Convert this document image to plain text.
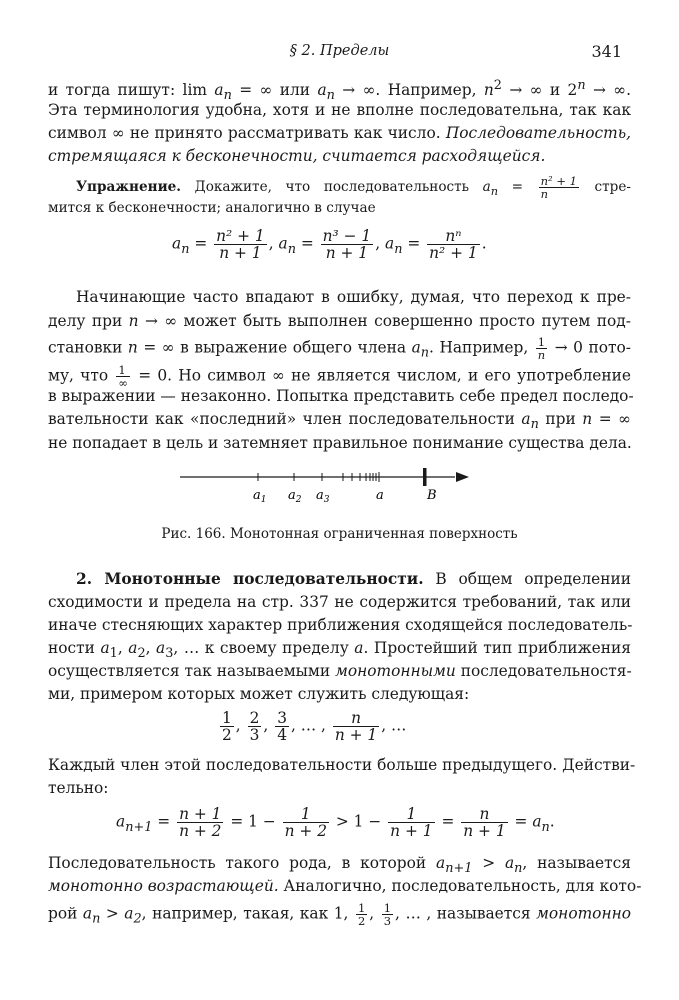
§ 2. Пределы	341
и тогда пишут: $\lim a_n$ = ∞ или $a_n$ → ∞. Например, $n^2$ → ∞ и $2^n$ → ∞.
Эта терминология удобна, хотя и не вполне последовательна, так как
символ ∞ не принято рассматривать как число. Последовательность,
стремящаяся к бесконечности, считается расходящейся.
Упражнение. Докажите, что последовательность $a_n = \frac{\text{n² + 1}}{n}$ стре-
мится к бесконечности; аналогично в случае
$a_n = \frac{\text{n² + 1}}{n + 1}$ , $a_n = \frac{\text{n³ − 1}}{n + 1}$ , $a_n = \frac{\text{nⁿ}}{\text{n² + 1}}$ .
Начинающие часто впадают в ошибку, думая, что переход к пре-
делу при n → ∞ может быть выполнен совершенно просто путем под-
становки n = ∞ в выражение общего члена $a_n$. Например, $\frac{1}{n} \to 0$ пото-
му, что $\frac{1}{\infty} = 0$. Но символ ∞ не является числом, и его употребление
в выражении — незаконно. Попытка представить себе предел последо-
вательности как «последний» член последовательности $a_n$ при n = ∞
не попадает в цель и затемняет правильное понимание существа дела.
$a_1$ $a_2$ $a_3$	a	B
Рис. 166. Монотонная ограниченная поверхность
2. Монотонные последовательности. В общем определении
сходимости и предела на стр. 337 не содержится требований, так или
иначе стесняющих характер приближения сходящейся последователь-
ности $a_1$, $a_2$, $a_3$, … к своему пределу a. Простейший тип приближения
осуществляется так называемыми монотонными последовательностя-
ми, примером которых может служить следующая:
$\frac{1}{2}$ , $\frac{2}{3}$ , $\frac{3}{4}$ , … , $\frac{n}{n + 1}$ , …
Каждый член этой последовательности больше предыдущего. Действи-
тельно:
$a_{n+1} = \frac{n + 1}{n + 2} = 1 - \frac{1}{n + 2} > 1 - \frac{1}{n + 1} = \frac{n}{n + 1} = a_n$.
Последовательность такого рода, в которой $a_{n+1} > a_n$, называется
монотонно возрастающей. Аналогично, последовательность, для кото-
рой $a_n > a_2$, например, такая, как 1, $\frac{1}{2}$ , $\frac{1}{3}$ , … , называется монотонно
